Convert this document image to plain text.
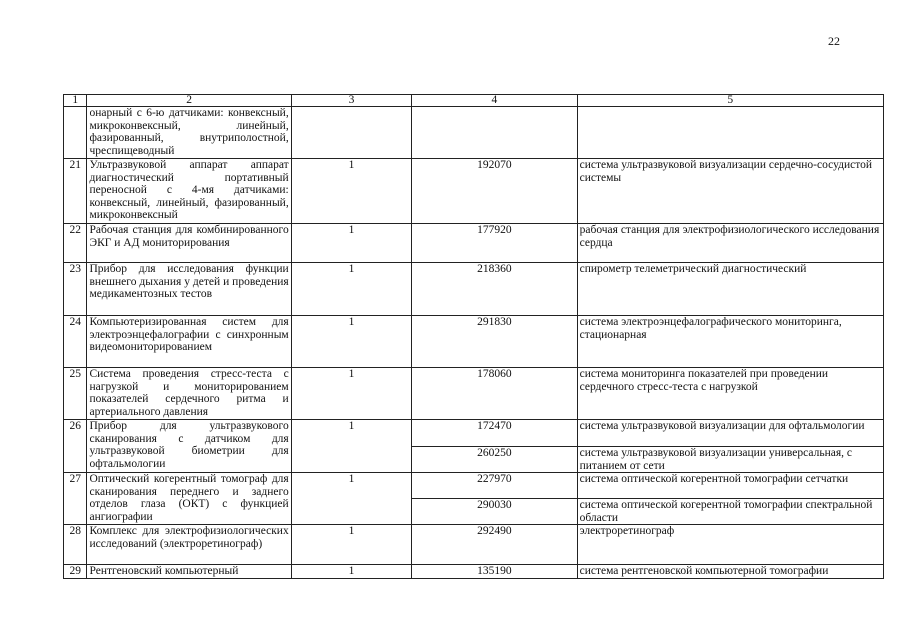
22
1	2	3	4	5
	онарный с 6-ю датчиками: конвексный, микроконвексный, линейный, фазированный, внутриполостной, чреспищеводный			
21	Ультразвуковой аппарат аппарат диагностический портативный переносной с 4-мя датчиками: конвексный, линейный, фазированный, микроконвексный	1	192070	система ультразвуковой визуализации сердечно-сосудистой системы
22	Рабочая станция для комбинированного ЭКГ и АД мониторирования	1	177920	рабочая станция для электрофизиологического исследования сердца
23	Прибор для исследования функции внешнего дыхания у детей и проведения медикаментозных тестов	1	218360	спирометр телеметрический диагностический
24	Компьютеризированная систем для электроэнцефалографии с синхронным видеомониторированием	1	291830	система электроэнцефалографического мониторинга, стационарная
25	Система проведения стресс-теста с нагрузкой и мониторированием показателей сердечного ритма и артериального давления	1	178060	система мониторинга показателей при проведении сердечного стресс-теста с нагрузкой
26	Прибор для ультразвукового сканирования с датчиком для ультразвуковой биометрии для офтальмологии	1	172470	система ультразвуковой визуализации для офтальмологии
			260250	система ультразвуковой визуализации универсальная, с питанием от сети
27	Оптический когерентный томограф для сканирования переднего и заднего отделов глаза (ОКТ) с функцией ангиографии	1	227970	система оптической когерентной томографии сетчатки
			290030	система оптической когерентной томографии спектральной области
28	Комплекс для электрофизиологических исследований (электроретинограф)	1	292490	электроретинограф
29	Рентгеновский компьютерный	1	135190	система рентгеновской компьютерной томографии
